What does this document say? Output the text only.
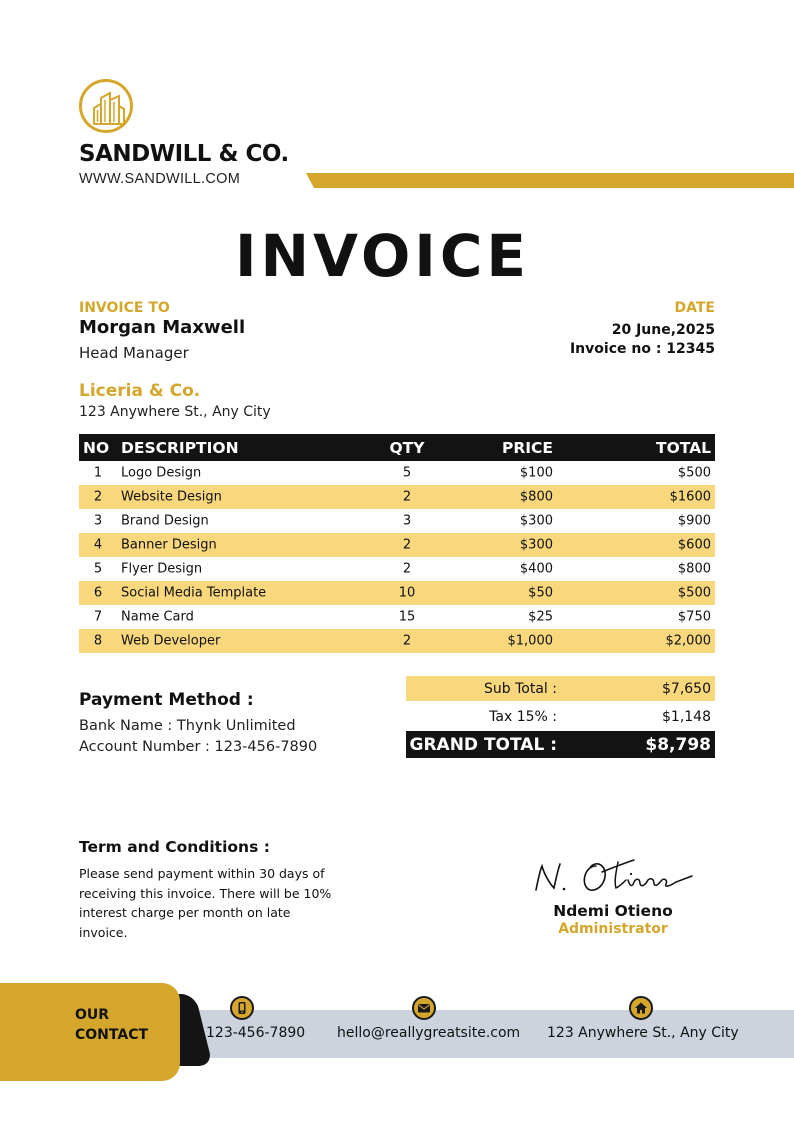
SANDWILL & CO.
WWW.SANDWILL.COM
INVOICE
INVOICE TO
Morgan Maxwell
Head Manager
DATE
20 June,2025
Invoice no : 12345
Liceria & Co.
123 Anywhere St., Any City
NO DESCRIPTION	QTY	PRICE	TOTAL
1	Logo Design	5	$100	$500
2	Website Design	2	$800	$1600
3	Brand Design	3	$300	$900
4	Banner Design	2	$300	$600
5	Flyer Design	2	$400	$800
6	Social Media Template	10	$50	$500
7	Name Card	15	$25	$750
8	Web Developer	2	$1,000	$2,000
Payment Method :
Bank Name : Thynk Unlimited
Account Number : 123-456-7890
Sub Total :	$7,650
Tax 15% :	$1,148
GRAND TOTAL :	$8,798
Term and Conditions :
Please send payment within 30 days of receiving this invoice. There will be 10% interest charge per month on late invoice.
Ndemi Otieno
Administrator
OUR
CONTACT	123-456-7890 hello@reallygreatsite.com 123 Anywhere St., Any City
